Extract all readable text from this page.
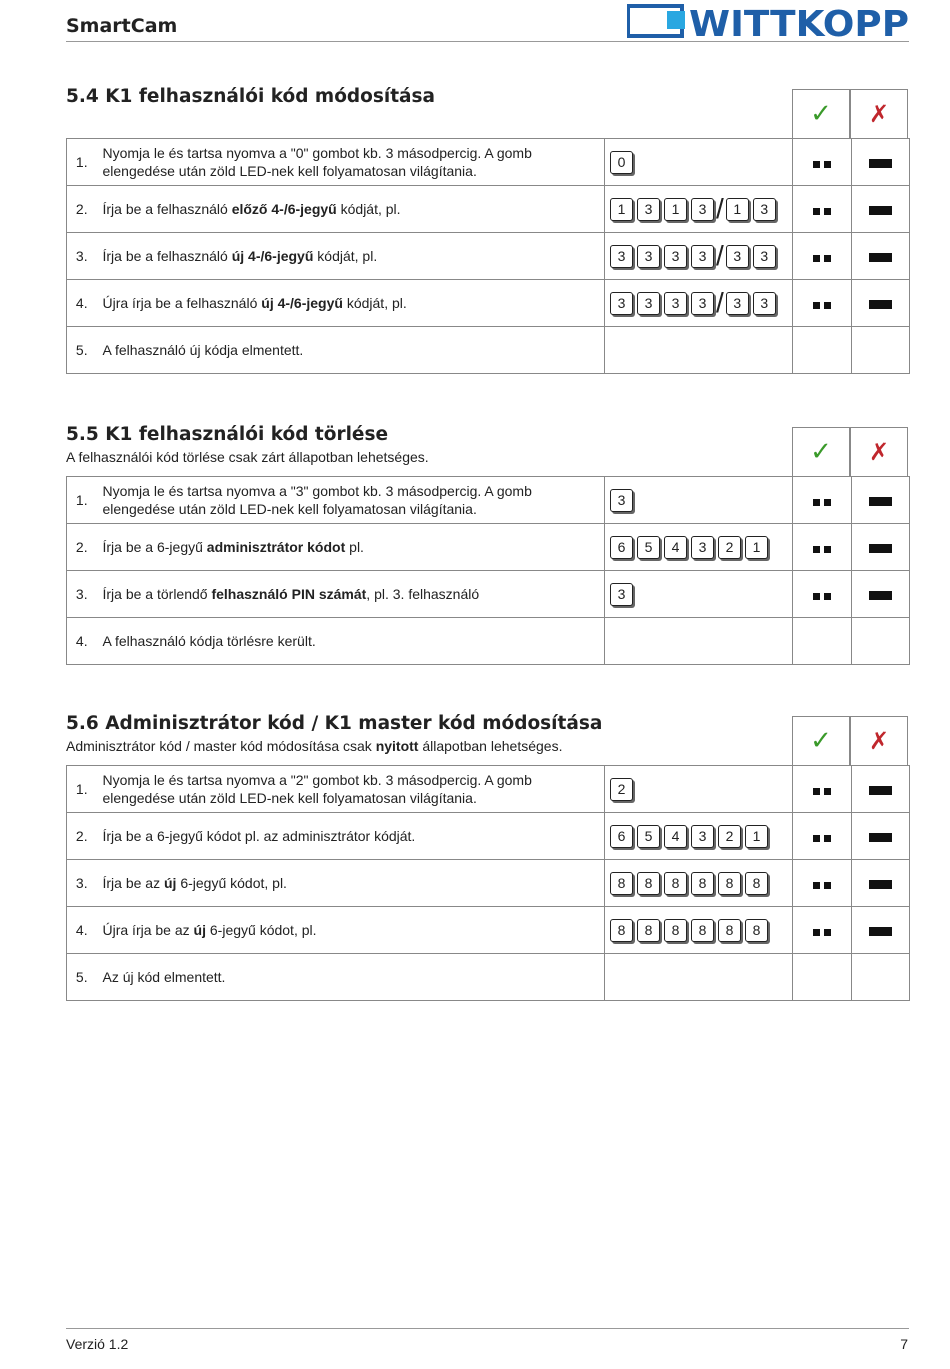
SmartCam	WITTKOPP
5.4 K1 felhasználói kód módosítása
✓ ✗
1.	Nyomja le és tartsa nyomva a "0" gombot kb. 3 másodpercig. A gomb
elengedése után zöld LED-nek kell folyamatosan világítania.	0		
2.	Írja be a felhasználó előző 4-/6-jegyű kódját, pl.	1 3 1 3 / 1 3		
3.	Írja be a felhasználó új 4-/6-jegyű kódját, pl.	3 3 3 3 / 3 3		
4.	Újra írja be a felhasználó új 4-/6-jegyű kódját, pl.	3 3 3 3 / 3 3		
5.	A felhasználó új kódja elmentett.			
5.5 K1 felhasználói kód törlése
A felhasználói kód törlése csak zárt állapotban lehetséges.	✓ ✗
1.	Nyomja le és tartsa nyomva a "3" gombot kb. 3 másodpercig. A gomb
elengedése után zöld LED-nek kell folyamatosan világítania.	3		
2.	Írja be a 6-jegyű adminisztrátor kódot pl.	6 5 4 3 2 1		
3.	Írja be a törlendő felhasználó PIN számát, pl. 3. felhasználó	3		
4.	A felhasználó kódja törlésre került.			
5.6 Adminisztrátor kód / K1 master kód módosítása
Adminisztrátor kód / master kód módosítása csak nyitott állapotban lehetséges.	✓ ✗
1.	Nyomja le és tartsa nyomva a "2" gombot kb. 3 másodpercig. A gomb
elengedése után zöld LED-nek kell folyamatosan világítania.	2		
2.	Írja be a 6-jegyű kódot pl. az adminisztrátor kódját.	6 5 4 3 2 1		
3.	Írja be az új 6-jegyű kódot, pl.	8 8 8 8 8 8		
4.	Újra írja be az új 6-jegyű kódot, pl.	8 8 8 8 8 8		
5.	Az új kód elmentett.			
Verzió 1.2	7
